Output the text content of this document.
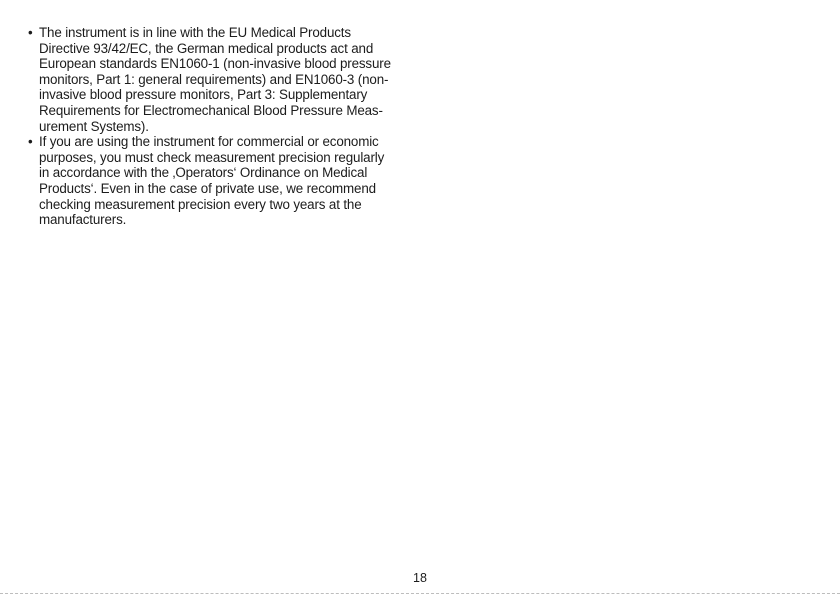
• The instrument is in line with the EU Medical Products
Directive 93/42/EC, the German medical products act and
European standards EN1060-1 (non-invasive blood pressure
monitors, Part 1: general requirements) and EN1060-3 (non-
invasive blood pressure monitors, Part 3: Supplementary
Requirements for Electromechanical Blood Pressure Meas-
urement Systems).
• If you are using the instrument for commercial or economic
purposes, you must check measurement precision regularly
in accordance with the ‚Operators‘ Ordinance on Medical
Products‘. Even in the case of private use, we recommend
checking measurement precision every two years at the
manufacturers.
18
